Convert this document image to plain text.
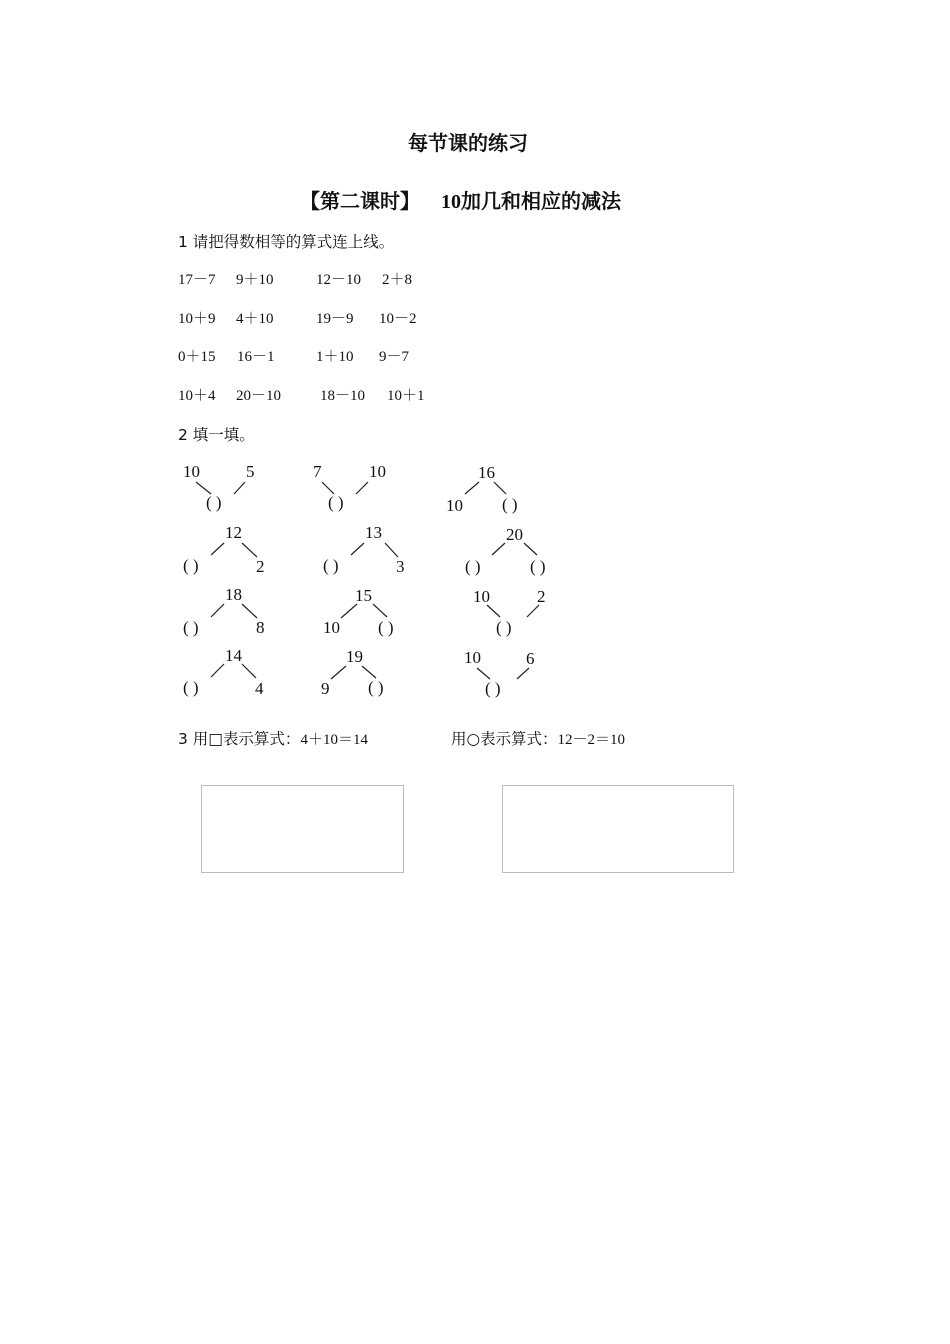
每节课的练习
【第二课时】 10加几和相应的减法
1 请把得数相等的算式连上线。
17－7 9＋10	12－10 2＋8
10＋9 4＋10	19－9 10－2
0＋15 16－1	1＋10 9－7
10＋4 20－10	18－10 10＋1
2 填一填。
10	5
( )
7	10
( )
16
10 ( )
12
( )	2
13
( )	3
20
( )	( )
18
( )	8
15
10 ( )
10	2
( )
14
( )	4
19
9 ( )
10	6
( )
3 用□表示算式：4＋10＝14	用○表示算式：12－2＝10
